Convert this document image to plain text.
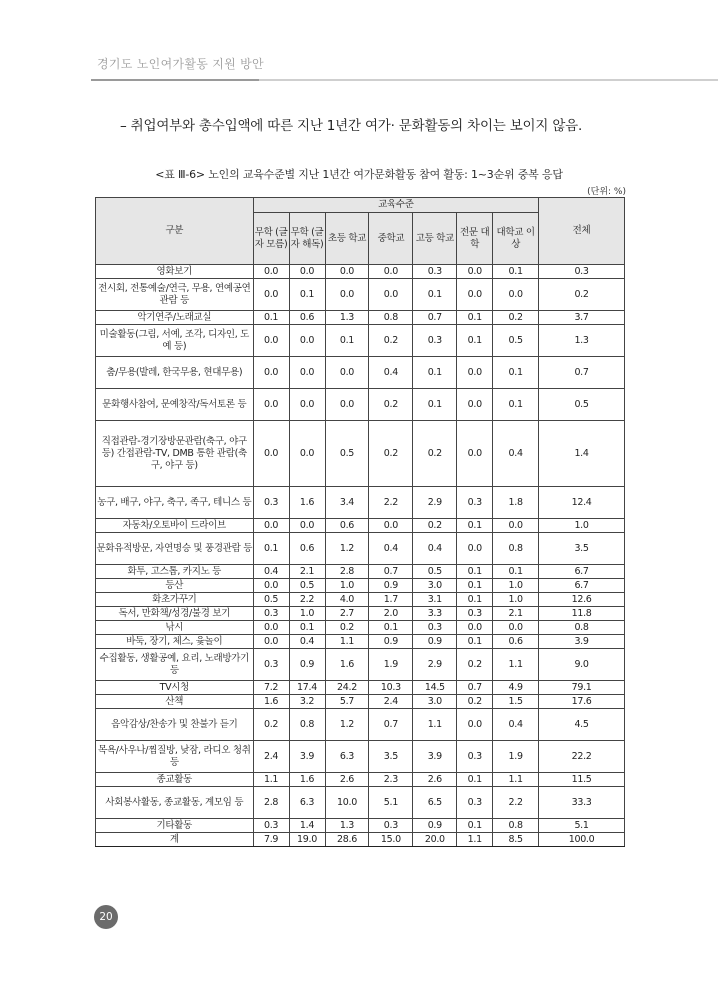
경기도 노인여가활동 지원 방안
– 취업여부와 총수입액에 따른 지난 1년간 여가· 문화활동의 차이는 보이지 않음.
<표 Ⅲ-6> 노인의 교육수준별 지난 1년간 여가문화활동 참여 활동: 1~3순위 중복 응답
(단위: %)
구분	교육수준							전체
	무학 (글자 모름)	무학 (글자 해독)	초등 학교	중학교	고등 학교	전문 대학	대학교 이상	
영화보기	0.0	0.0	0.0	0.0	0.3	0.0	0.1	0.3
전시회, 전통예술/연극, 무용, 연예공연 관람 등	0.0	0.1	0.0	0.0	0.1	0.0	0.0	0.2
악기연주/노래교실	0.1	0.6	1.3	0.8	0.7	0.1	0.2	3.7
미술활동(그림, 서예, 조각, 디자인, 도예 등)	0.0	0.0	0.1	0.2	0.3	0.1	0.5	1.3
춤/무용(발레, 한국무용, 현대무용)	0.0	0.0	0.0	0.4	0.1	0.0	0.1	0.7
문화행사참여, 문예창작/독서토론 등	0.0	0.0	0.0	0.2	0.1	0.0	0.1	0.5
직접관람-경기장방문관람(축구, 야구 등) 간접관람-TV, DMB 통한 관람(축구, 야구 등)	0.0	0.0	0.5	0.2	0.2	0.0	0.4	1.4
농구, 배구, 야구, 축구, 족구, 테니스 등	0.3	1.6	3.4	2.2	2.9	0.3	1.8	12.4
자동차/오토바이 드라이브	0.0	0.0	0.6	0.0	0.2	0.1	0.0	1.0
문화유적방문, 자연명승 및 풍경관람 등	0.1	0.6	1.2	0.4	0.4	0.0	0.8	3.5
화투, 고스톱, 카지노 등	0.4	2.1	2.8	0.7	0.5	0.1	0.1	6.7
등산	0.0	0.5	1.0	0.9	3.0	0.1	1.0	6.7
화초가꾸기	0.5	2.2	4.0	1.7	3.1	0.1	1.0	12.6
독서, 만화책/성경/불경 보기	0.3	1.0	2.7	2.0	3.3	0.3	2.1	11.8
낚시	0.0	0.1	0.2	0.1	0.3	0.0	0.0	0.8
바둑, 장기, 체스, 윷놀이	0.0	0.4	1.1	0.9	0.9	0.1	0.6	3.9
수집활동, 생활공예, 요리, 노래방가기 등	0.3	0.9	1.6	1.9	2.9	0.2	1.1	9.0
TV시청	7.2	17.4	24.2	10.3	14.5	0.7	4.9	79.1
산책	1.6	3.2	5.7	2.4	3.0	0.2	1.5	17.6
음악감상/찬송가 및 찬불가 듣기	0.2	0.8	1.2	0.7	1.1	0.0	0.4	4.5
목욕/사우나/찜질방, 낮잠, 라디오 청취 등	2.4	3.9	6.3	3.5	3.9	0.3	1.9	22.2
종교활동	1.1	1.6	2.6	2.3	2.6	0.1	1.1	11.5
사회봉사활동, 종교활동, 계모임 등	2.8	6.3	10.0	5.1	6.5	0.3	2.2	33.3
기타활동	0.3	1.4	1.3	0.3	0.9	0.1	0.8	5.1
계	7.9	19.0	28.6	15.0	20.0	1.1	8.5	100.0
20
